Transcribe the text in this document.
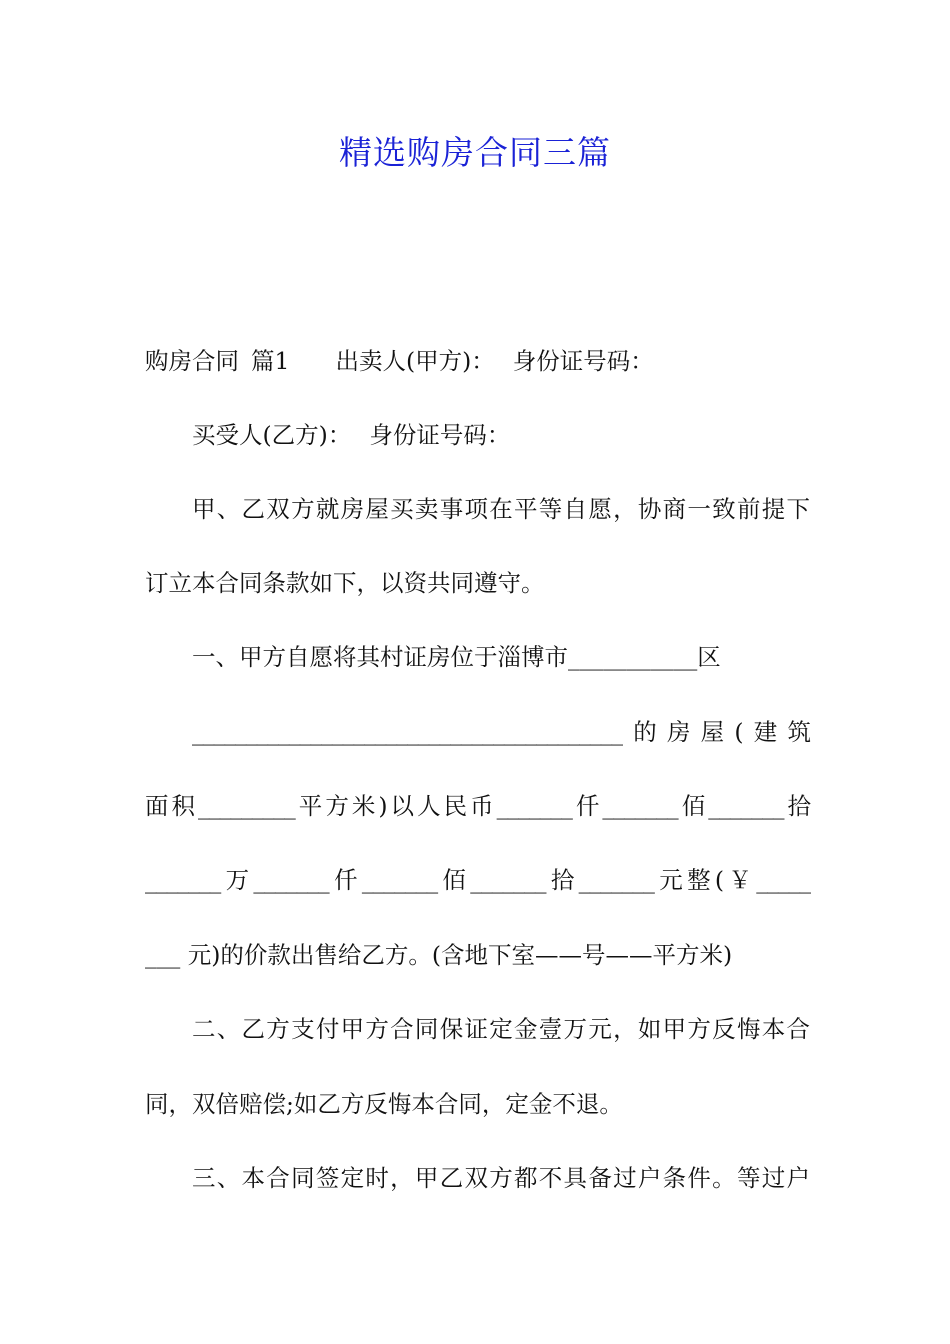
精选购房合同三篇

购房合同 篇1 出卖人(甲方)： 身份证号码：

买受人(乙方)： 身份证号码：

甲、乙双方就房屋买卖事项在平等自愿，协商一致前提下

订立本合同条款如下，以资共同遵守。

一、甲方自愿将其村证房位于淄博市___________区

________________________________________的房屋(建筑

面积_________平方米)以人民币_______仟_______佰_______拾

_______万_______仟_______佰_______拾_______元整(￥_____

___ 元)的价款出售给乙方。(含地下室——号——平方米)

二、乙方支付甲方合同保证定金壹万元，如甲方反悔本合

同，双倍赔偿;如乙方反悔本合同，定金不退。

三、本合同签定时，甲乙双方都不具备过户条件。等过户
